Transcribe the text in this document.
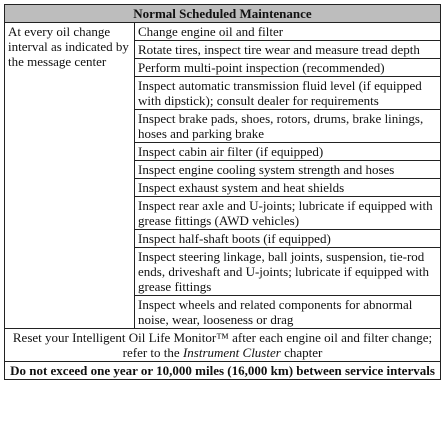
Normal Scheduled Maintenance
At every oil change interval as indicated by the message center	Change engine oil and filter
Rotate tires, inspect tire wear and measure tread depth
Perform multi-point inspection (recommended)
Inspect automatic transmission fluid level (if equipped with dipstick); consult dealer for requirements
Inspect brake pads, shoes, rotors, drums, brake linings, hoses and parking brake
Inspect cabin air filter (if equipped)
Inspect engine cooling system strength and hoses
Inspect exhaust system and heat shields
Inspect rear axle and U-joints; lubricate if equipped with grease fittings (AWD vehicles)
Inspect half-shaft boots (if equipped)
Inspect steering linkage, ball joints, suspension, tie-rod ends, driveshaft and U-joints; lubricate if equipped with grease fittings
Inspect wheels and related components for abnormal noise, wear, looseness or drag
Reset your Intelligent Oil Life Monitor™ after each engine oil and filter change; refer to the Instrument Cluster chapter
Do not exceed one year or 10,000 miles (16,000 km) between service intervals
